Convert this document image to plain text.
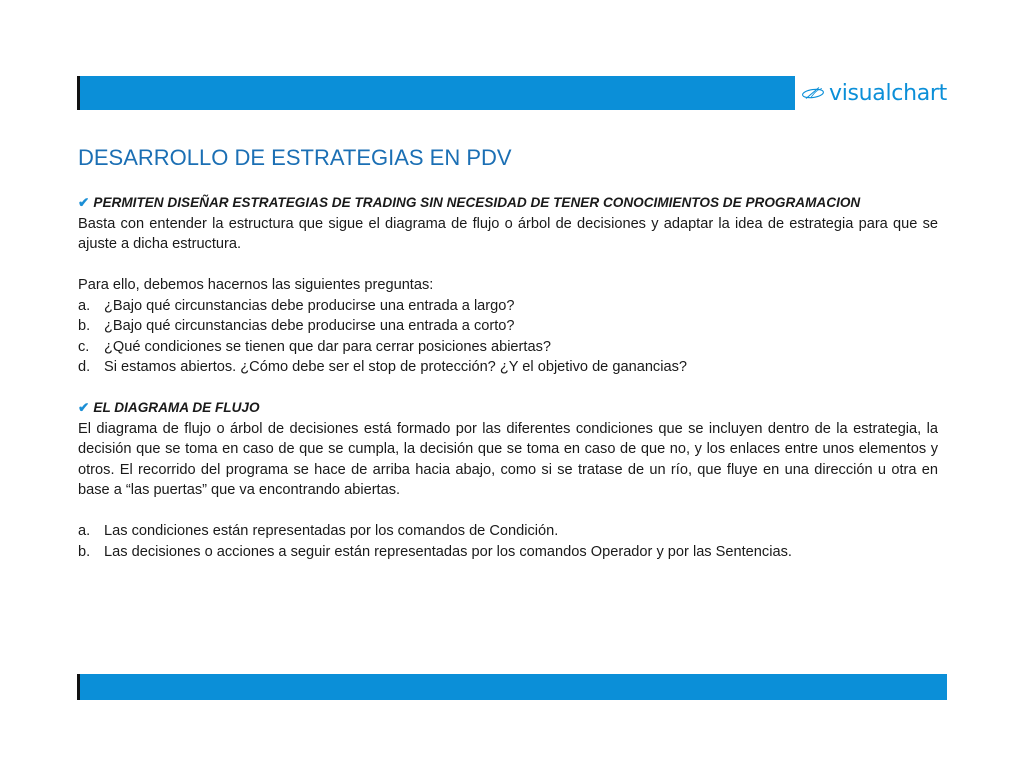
visualchart
DESARROLLO DE ESTRATEGIAS EN PDV
✔ PERMITEN DISEÑAR ESTRATEGIAS DE TRADING SIN NECESIDAD DE TENER CONOCIMIENTOS DE PROGRAMACION

Basta con entender la estructura que sigue el diagrama de flujo o árbol de decisiones y adaptar la idea de estrategia para que se ajuste a dicha estructura.

Para ello, debemos hacernos las siguientes preguntas:
a. ¿Bajo qué circunstancias debe producirse una entrada a largo?
b. ¿Bajo qué circunstancias debe producirse una entrada a corto?
c.	¿Qué condiciones se tienen que dar para cerrar posiciones abiertas?
d. Si estamos abiertos. ¿Cómo debe ser el stop de protección? ¿Y el objetivo de ganancias?
✔ EL DIAGRAMA DE FLUJO

El diagrama de flujo o árbol de decisiones está formado por las diferentes condiciones que se incluyen dentro de la estrategia, la decisión que se toma en caso de que se cumpla, la decisión que se toma en caso de que no, y los enlaces entre unos elementos y otros. El recorrido del programa se hace de arriba hacia abajo, como si se tratase de un río, que fluye en una dirección u otra en base a “las puertas” que va encontrando abiertas.

a. Las condiciones están representadas por los comandos de Condición.
b. Las decisiones o acciones a seguir están representadas por los comandos Operador y por las Sentencias.
